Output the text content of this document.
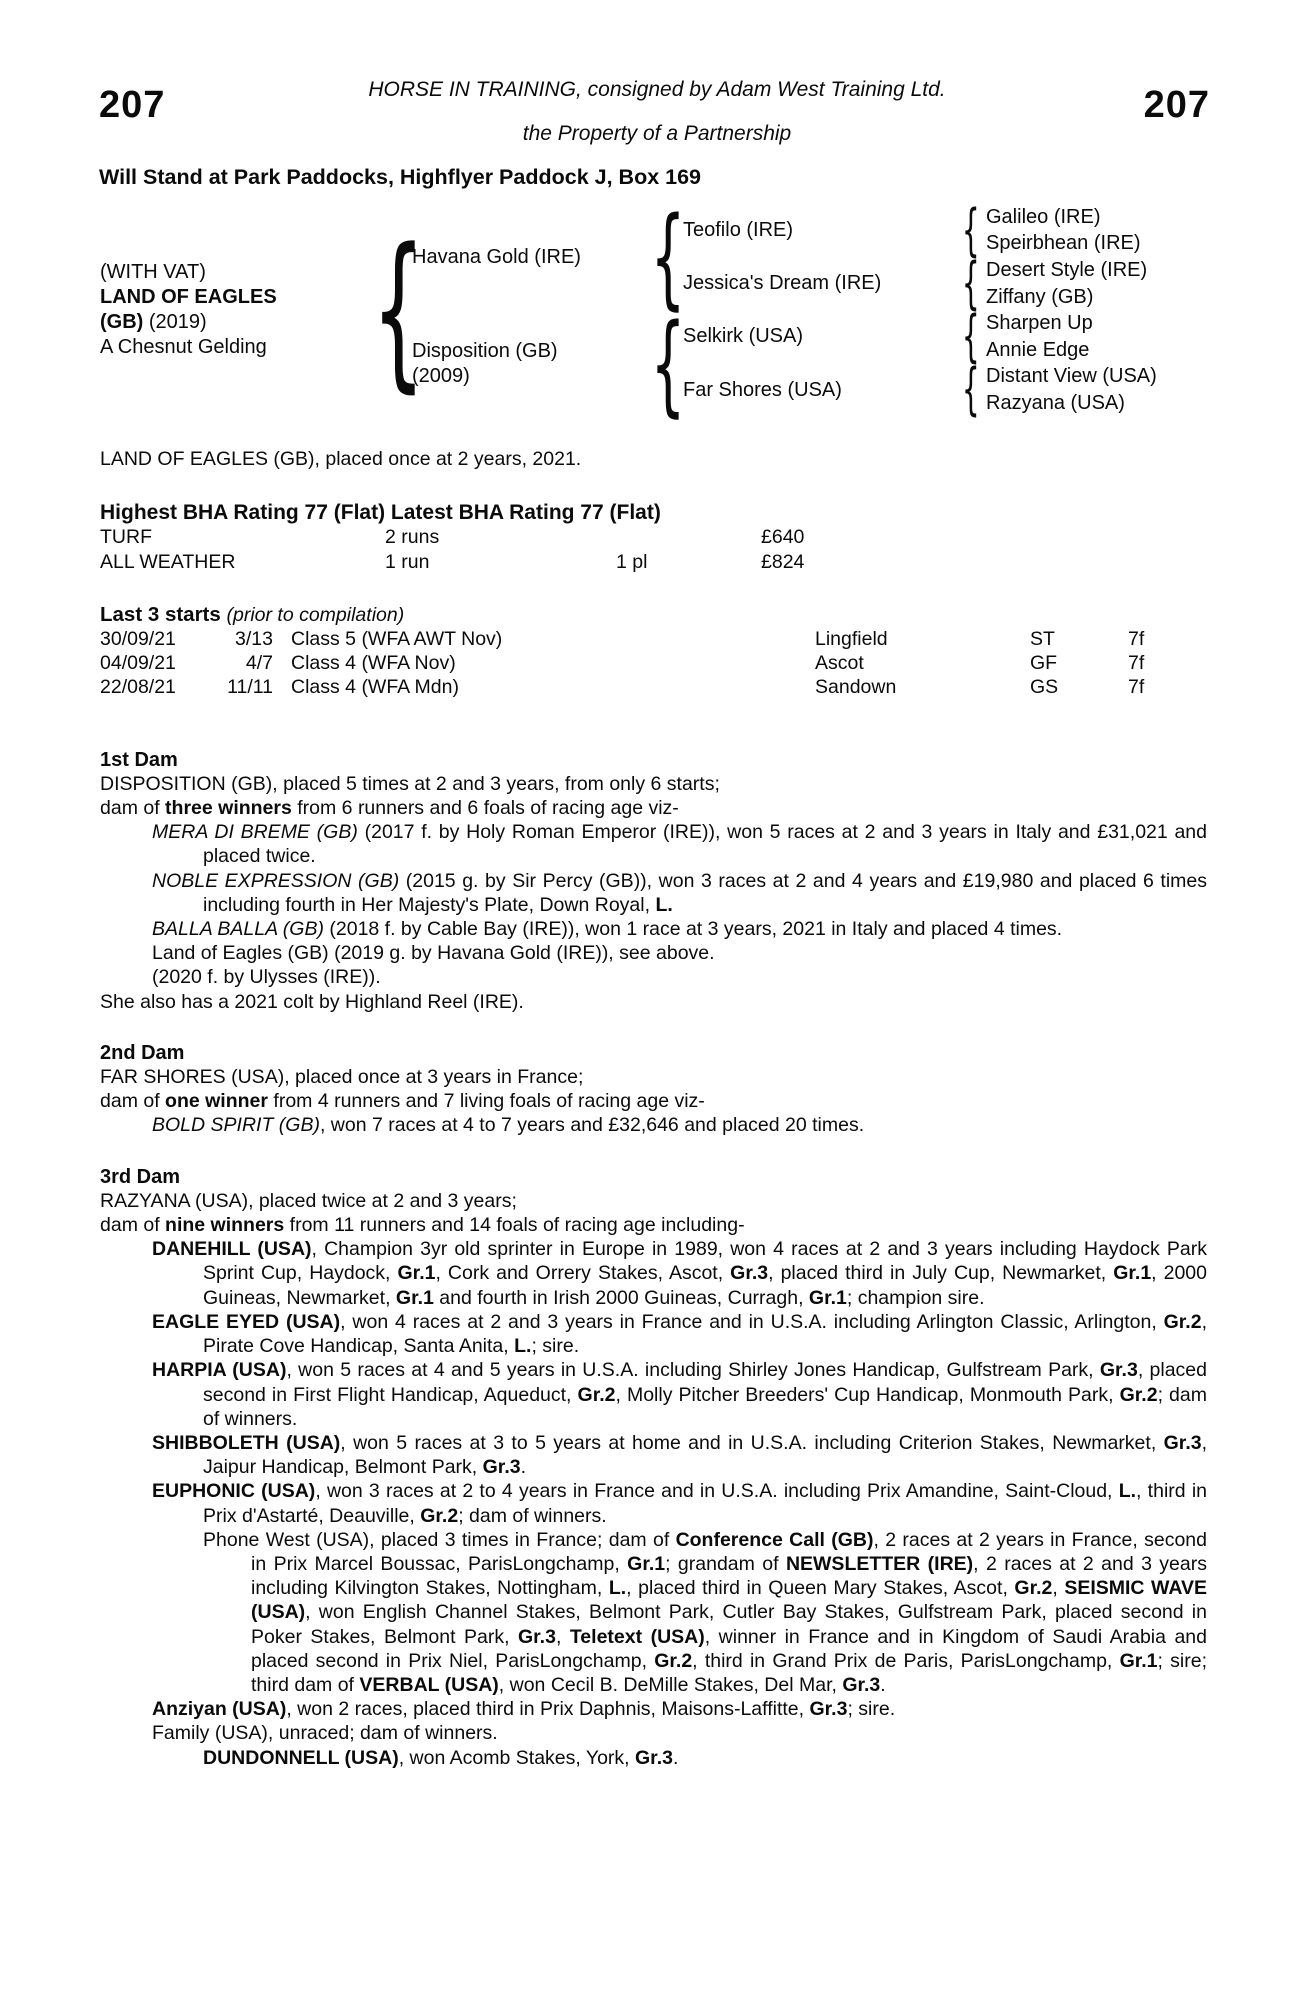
HORSE IN TRAINING, consigned by Adam West Training Ltd.
207	207
the Property of a Partnership
Will Stand at Park Paddocks, Highflyer Paddock J, Box 169
(WITH VAT)
LAND OF EAGLES
(GB) (2019)
A Chesnut Gelding {
Havana Gold (IRE)
Disposition (GB)
(2009)
{
{
Teofilo (IRE)
Jessica's Dream (IRE)
Selkirk (USA)
Far Shores (USA)
{
{
{
{
Galileo (IRE)
Speirbhean (IRE)
Desert Style (IRE)
Ziffany (GB)
Sharpen Up
Annie Edge
Distant View (USA)
Razyana (USA)
LAND OF EAGLES (GB), placed once at 2 years, 2021.
Highest BHA Rating 77 (Flat) Latest BHA Rating 77 (Flat)
TURF	2 runs	£640
ALL WEATHER	1 run	1 pl	£824
Last 3 starts (prior to compilation)
30/09/21	3/13 Class 5 (WFA AWT Nov)	Lingfield	ST	7f
04/09/21	4/7 Class 4 (WFA Nov)	Ascot	GF	7f
22/08/21	11/11 Class 4 (WFA Mdn)	Sandown	GS	7f
1st Dam
DISPOSITION (GB), placed 5 times at 2 and 3 years, from only 6 starts;
dam of three winners from 6 runners and 6 foals of racing age viz-
MERA DI BREME (GB) (2017 f. by Holy Roman Emperor (IRE)), won 5 races at 2 and 3 years in Italy and £31,021 and placed twice.
NOBLE EXPRESSION (GB) (2015 g. by Sir Percy (GB)), won 3 races at 2 and 4 years and £19,980 and placed 6 times including fourth in Her Majesty's Plate, Down Royal, L.
BALLA BALLA (GB) (2018 f. by Cable Bay (IRE)), won 1 race at 3 years, 2021 in Italy and placed 4 times.
Land of Eagles (GB) (2019 g. by Havana Gold (IRE)), see above.
(2020 f. by Ulysses (IRE)).
She also has a 2021 colt by Highland Reel (IRE).
2nd Dam
FAR SHORES (USA), placed once at 3 years in France;
dam of one winner from 4 runners and 7 living foals of racing age viz-
BOLD SPIRIT (GB), won 7 races at 4 to 7 years and £32,646 and placed 20 times.
3rd Dam
RAZYANA (USA), placed twice at 2 and 3 years;
dam of nine winners from 11 runners and 14 foals of racing age including-
DANEHILL (USA), Champion 3yr old sprinter in Europe in 1989, won 4 races at 2 and 3 years including Haydock Park Sprint Cup, Haydock, Gr.1, Cork and Orrery Stakes, Ascot, Gr.3, placed third in July Cup, Newmarket, Gr.1, 2000 Guineas, Newmarket, Gr.1 and fourth in Irish 2000 Guineas, Curragh, Gr.1; champion sire.
EAGLE EYED (USA), won 4 races at 2 and 3 years in France and in U.S.A. including Arlington Classic, Arlington, Gr.2, Pirate Cove Handicap, Santa Anita, L.; sire.
HARPIA (USA), won 5 races at 4 and 5 years in U.S.A. including Shirley Jones Handicap, Gulfstream Park, Gr.3, placed second in First Flight Handicap, Aqueduct, Gr.2, Molly Pitcher Breeders' Cup Handicap, Monmouth Park, Gr.2; dam of winners.
SHIBBOLETH (USA), won 5 races at 3 to 5 years at home and in U.S.A. including Criterion Stakes, Newmarket, Gr.3, Jaipur Handicap, Belmont Park, Gr.3.
EUPHONIC (USA), won 3 races at 2 to 4 years in France and in U.S.A. including Prix Amandine, Saint-Cloud, L., third in Prix d'Astarté, Deauville, Gr.2; dam of winners.
Phone West (USA), placed 3 times in France; dam of Conference Call (GB), 2 races at 2 years in France, second in Prix Marcel Boussac, ParisLongchamp, Gr.1; grandam of NEWSLETTER (IRE), 2 races at 2 and 3 years including Kilvington Stakes, Nottingham, L., placed third in Queen Mary Stakes, Ascot, Gr.2, SEISMIC WAVE (USA), won English Channel Stakes, Belmont Park, Cutler Bay Stakes, Gulfstream Park, placed second in Poker Stakes, Belmont Park, Gr.3, Teletext (USA), winner in France and in Kingdom of Saudi Arabia and placed second in Prix Niel, ParisLongchamp, Gr.2, third in Grand Prix de Paris, ParisLongchamp, Gr.1; sire; third dam of VERBAL (USA), won Cecil B. DeMille Stakes, Del Mar, Gr.3.
Anziyan (USA), won 2 races, placed third in Prix Daphnis, Maisons-Laffitte, Gr.3; sire.
Family (USA), unraced; dam of winners.
DUNDONNELL (USA), won Acomb Stakes, York, Gr.3.
